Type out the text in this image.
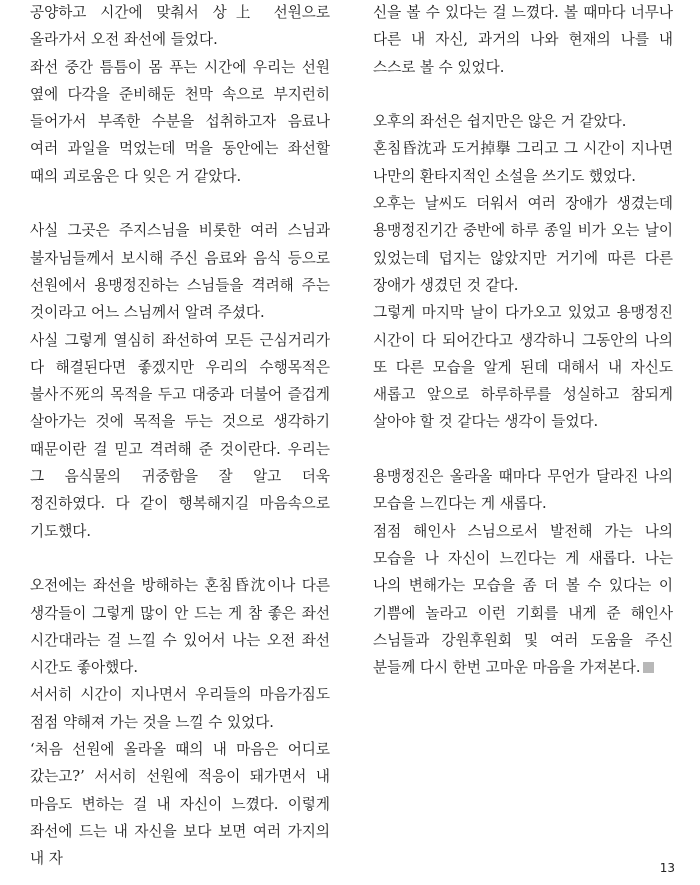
공양하고 시간에 맞춰서 상上 선원으로 올라가서 오전 좌선에 들었다.

좌선 중간 틈틈이 몸 푸는 시간에 우리는 선원 옆에 다각을 준비해둔 천막 속으로 부지런히 들어가서 부족한 수분을 섭취하고자 음료나 여러 과일을 먹었는데 먹을 동안에는 좌선할 때의 괴로움은 다 잊은 거 같았다.

사실 그곳은 주지스님을 비롯한 여러 스님과 불자님들께서 보시해 주신 음료와 음식 등으로 선원에서 용맹정진하는 스님들을 격려해 주는 것이라고 어느 스님께서 알려 주셨다.

사실 그렇게 열심히 좌선하여 모든 근심거리가 다 해결된다면 좋겠지만 우리의 수행목적은 불사不死의 목적을 두고 대중과 더불어 즐겁게 살아가는 것에 목적을 두는 것으로 생각하기 때문이란 걸 믿고 격려해 준 것이란다. 우리는 그 음식물의 귀중함을 잘 알고 더욱 정진하였다. 다 같이 행복해지길 마음속으로 기도했다.

오전에는 좌선을 방해하는 혼침昏沈이나 다른 생각들이 그렇게 많이 안 드는 게 참 좋은 좌선 시간대라는 걸 느낄 수 있어서 나는 오전 좌선 시간도 좋아했다.

서서히 시간이 지나면서 우리들의 마음가짐도 점점 약해져 가는 것을 느낄 수 있었다.

‘처음 선원에 올라올 때의 내 마음은 어디로 갔는고?’ 서서히 선원에 적응이 돼가면서 내 마음도 변하는 걸 내 자신이 느꼈다. 이렇게 좌선에 드는 내 자신을 보다 보면 여러 가지의 내 자

신을 볼 수 있다는 걸 느꼈다. 볼 때마다 너무나 다른 내 자신, 과거의 나와 현재의 나를 내 스스로 볼 수 있었다.

오후의 좌선은 쉽지만은 않은 거 같았다.

혼침昏沈과 도거掉擧 그리고 그 시간이 지나면 나만의 환타지적인 소설을 쓰기도 했었다.

오후는 날씨도 더워서 여러 장애가 생겼는데 용맹정진기간 중반에 하루 종일 비가 오는 날이 있었는데 덥지는 않았지만 거기에 따른 다른 장애가 생겼던 것 같다.

그렇게 마지막 날이 다가오고 있었고 용맹정진 시간이 다 되어간다고 생각하니 그동안의 나의 또 다른 모습을 알게 된데 대해서 내 자신도 새롭고 앞으로 하루하루를 성실하고 참되게 살아야 할 것 같다는 생각이 들었다.

용맹정진은 올라올 때마다 무언가 달라진 나의 모습을 느낀다는 게 새롭다.

점점 해인사 스님으로서 발전해 가는 나의 모습을 나 자신이 느낀다는 게 새롭다. 나는 나의 변해가는 모습을 좀 더 볼 수 있다는 이 기쁨에 놀라고 이런 기회를 내게 준 해인사 스님들과 강원후원회 및 여러 도움을 주신 분들께 다시 한번 고마운 마음을 가져본다.

13
